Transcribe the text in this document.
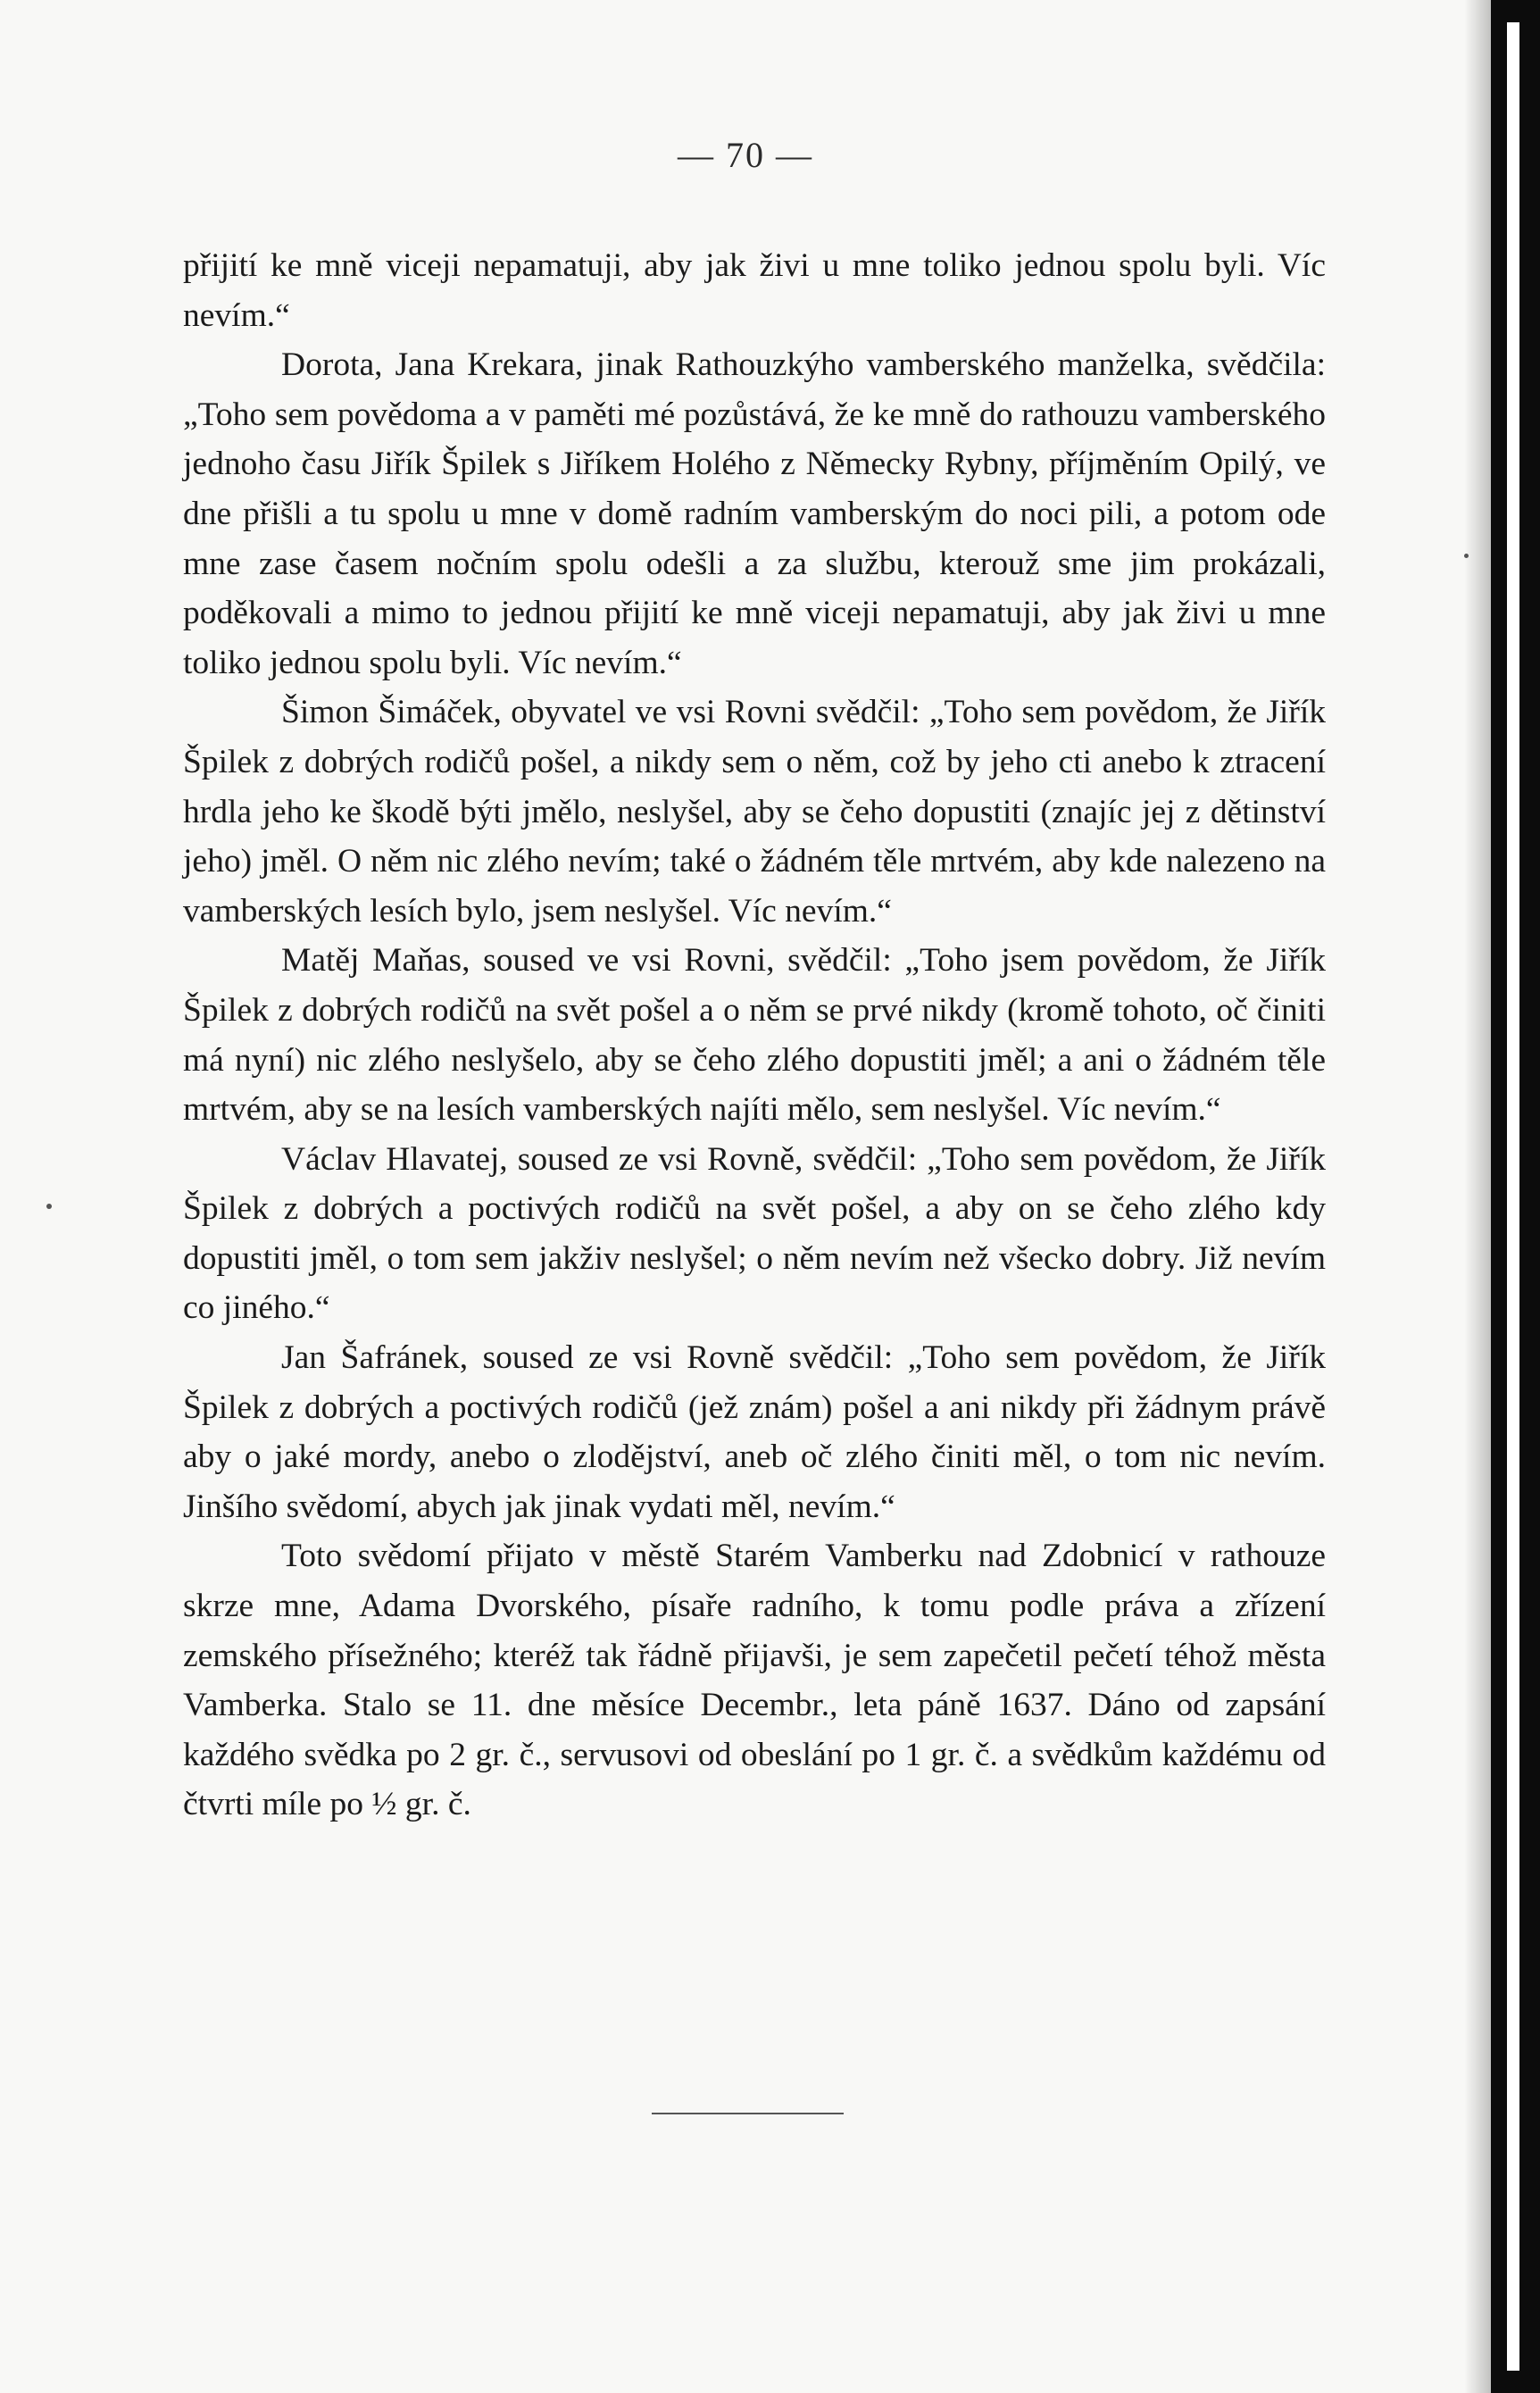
— 70 —

přijití ke mně viceji nepamatuji, aby jak živi u mne toliko jednou spolu byli. Víc nevím.“

Dorota, Jana Krekara, jinak Rathouzkýho vamberského manželka, svědčila: „Toho sem povědoma a v paměti mé pozůstává, že ke mně do rathouzu vamberského jednoho času Jiřík Špilek s Jiříkem Holého z Německy Rybny, příjměním Opilý, ve dne přišli a tu spolu u mne v domě radním vamberským do noci pili, a potom ode mne zase časem nočním spolu odešli a za službu, kterouž sme jim prokázali, poděkovali a mimo to jednou přijití ke mně viceji nepamatuji, aby jak živi u mne toliko jednou spolu byli. Víc nevím.“

Šimon Šimáček, obyvatel ve vsi Rovni svědčil: „Toho sem povědom, že Jiřík Špilek z dobrých rodičů pošel, a nikdy sem o něm, což by jeho cti anebo k ztracení hrdla jeho ke škodě býti jmělo, neslyšel, aby se čeho dopustiti (znajíc jej z dětinství jeho) jměl. O něm nic zlého nevím; také o žádném těle mrtvém, aby kde nalezeno na vamberských lesích bylo, jsem neslyšel. Víc nevím.“

Matěj Maňas, soused ve vsi Rovni, svědčil: „Toho jsem povědom, že Jiřík Špilek z dobrých rodičů na svět pošel a o něm se prvé nikdy (kromě tohoto, oč činiti má nyní) nic zlého neslyšelo, aby se čeho zlého dopustiti jměl; a ani o žádném těle mrtvém, aby se na lesích vamberských najíti mělo, sem neslyšel. Víc nevím.“

Václav Hlavatej, soused ze vsi Rovně, svědčil: „Toho sem povědom, že Jiřík Špilek z dobrých a poctivých rodičů na svět pošel, a aby on se čeho zlého kdy dopustiti jměl, o tom sem jakživ neslyšel; o něm nevím než všecko dobry. Již nevím co jiného.“

Jan Šafránek, soused ze vsi Rovně svědčil: „Toho sem povědom, že Jiřík Špilek z dobrých a poctivých rodičů (jež znám) pošel a ani nikdy při žádnym právě aby o jaké mordy, anebo o zlodějství, aneb oč zlého činiti měl, o tom nic nevím. Jinšího svědomí, abych jak jinak vydati měl, nevím.“

Toto svědomí přijato v městě Starém Vamberku nad Zdobnicí v rathouze skrze mne, Adama Dvorského, písaře radního, k tomu podle práva a zřízení zemského přísežného; kteréž tak řádně přijavši, je sem zapečetil pečetí téhož města Vamberka. Stalo se 11. dne měsíce Decembr., leta páně 1637. Dáno od zapsání každého svědka po 2 gr. č., servusovi od obeslání po 1 gr. č. a svědkům každému od čtvrti míle po ½ gr. č.
